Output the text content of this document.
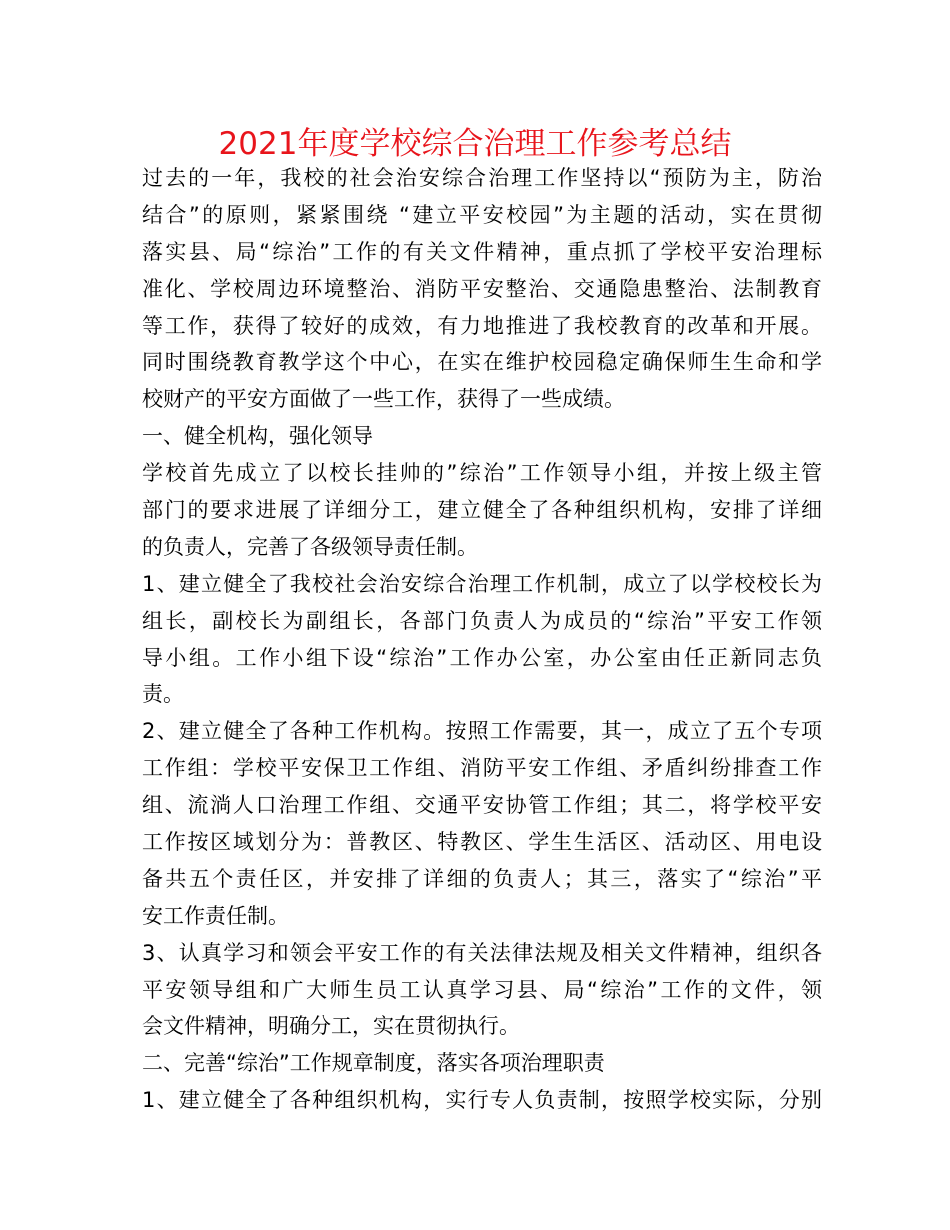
2021年度学校综合治理工作参考总结
过去的一年，我校的社会治安综合治理工作坚持以“预防为主，防治
结合”的原则，紧紧围绕 “建立平安校园”为主题的活动，实在贯彻
落实县、局“综治”工作的有关文件精神，重点抓了学校平安治理标
准化、学校周边环境整治、消防平安整治、交通隐患整治、法制教育
等工作，获得了较好的成效，有力地推进了我校教育的改革和开展。
同时围绕教育教学这个中心，在实在维护校园稳定确保师生生命和学
校财产的平安方面做了一些工作，获得了一些成绩。
一、健全机构，强化领导
学校首先成立了以校长挂帅的”综治”工作领导小组，并按上级主管
部门的要求进展了详细分工，建立健全了各种组织机构，安排了详细
的负责人，完善了各级领导责任制。
1、建立健全了我校社会治安综合治理工作机制，成立了以学校校长为
组长，副校长为副组长，各部门负责人为成员的“综治”平安工作领
导小组。工作小组下设“综治”工作办公室，办公室由任正新同志负
责。
2、建立健全了各种工作机构。按照工作需要，其一，成立了五个专项
工作组：学校平安保卫工作组、消防平安工作组、矛盾纠纷排查工作
组、流淌人口治理工作组、交通平安协管工作组；其二，将学校平安
工作按区域划分为：普教区、特教区、学生生活区、活动区、用电设
备共五个责任区，并安排了详细的负责人；其三，落实了“综治”平
安工作责任制。
3、认真学习和领会平安工作的有关法律法规及相关文件精神，组织各
平安领导组和广大师生员工认真学习县、局“综治”工作的文件，领
会文件精神，明确分工，实在贯彻执行。
二、完善“综治”工作规章制度，落实各项治理职责
1、建立健全了各种组织机构，实行专人负责制，按照学校实际，分别
